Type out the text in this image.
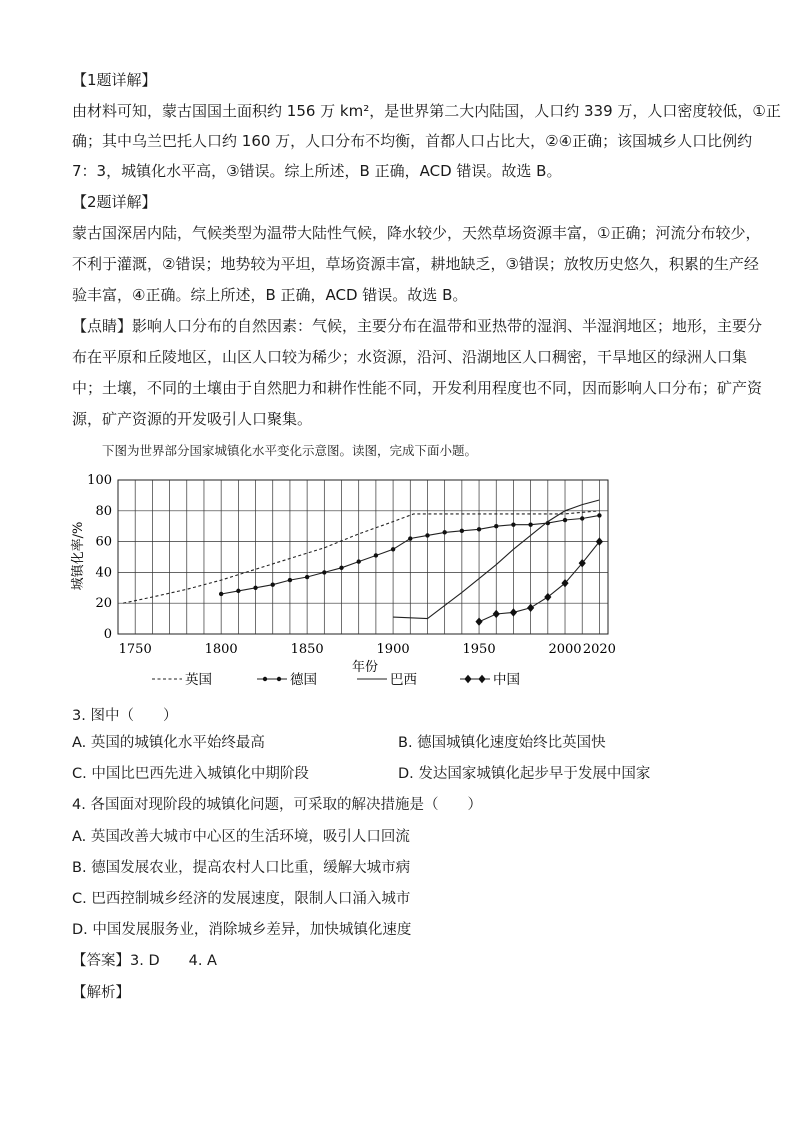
【1题详解】
由材料可知，蒙古国国土面积约 156 万 km²，是世界第二大内陆国，人口约 339 万，人口密度较低，①正
确；其中乌兰巴托人口约 160 万，人口分布不均衡，首都人口占比大，②④正确；该国城乡人口比例约
7：3，城镇化水平高，③错误。综上所述，B 正确，ACD 错误。故选 B。
【2题详解】
蒙古国深居内陆，气候类型为温带大陆性气候，降水较少，天然草场资源丰富，①正确；河流分布较少，
不利于灌溉，②错误；地势较为平坦，草场资源丰富，耕地缺乏，③错误；放牧历史悠久，积累的生产经
验丰富，④正确。综上所述，B 正确，ACD 错误。故选 B。
【点睛】影响人口分布的自然因素：气候，主要分布在温带和亚热带的湿润、半湿润地区；地形，主要分
布在平原和丘陵地区，山区人口较为稀少；水资源，沿河、沿湖地区人口稠密，干旱地区的绿洲人口集
中；土壤，不同的土壤由于自然肥力和耕作性能不同，开发利用程度也不同，因而影响人口分布；矿产资
源，矿产资源的开发吸引人口聚集。
下图为世界部分国家城镇化水平变化示意图。读图，完成下面小题。
0
20
40
60
80
100
1750	1800	1850	1900	1950	2000 2020
城镇化率/%
年份
英国	德国	巴西	中国
3. 图中（　　）
A. 英国的城镇化水平始终最高	B. 德国城镇化速度始终比英国快
C. 中国比巴西先进入城镇化中期阶段	D. 发达国家城镇化起步早于发展中国家
4. 各国面对现阶段的城镇化问题，可采取的解决措施是（　　）
A. 英国改善大城市中心区的生活环境，吸引人口回流
B. 德国发展农业，提高农村人口比重，缓解大城市病
C. 巴西控制城乡经济的发展速度，限制人口涌入城市
D. 中国发展服务业，消除城乡差异，加快城镇化速度
【答案】3. D　　4. A
【解析】
